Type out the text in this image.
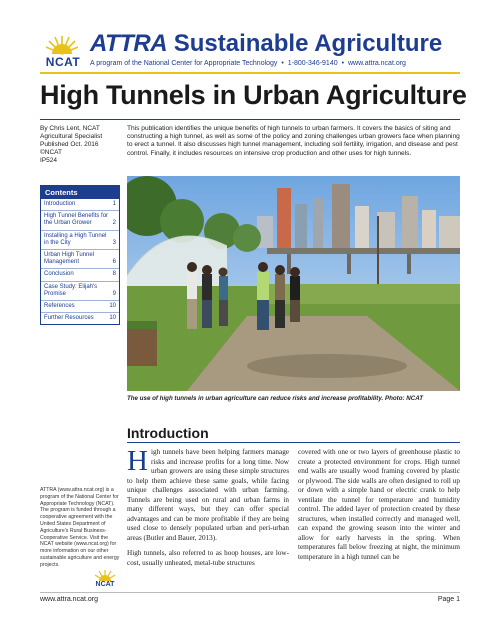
NCAT
ATTRA Sustainable Agriculture
A program of the National Center for Appropriate Technology • 1-800-346-9140 • www.attra.ncat.org
High Tunnels in Urban Agriculture
By Chris Lent, NCAT
Agricultural Specialist
Published Oct. 2016
©NCAT
IP524

This publication identifies the unique benefits of high tunnels to urban farmers. It covers the basics of siting and constructing a high tunnel, as well as some of the policy and zoning challenges urban growers face when planning to erect a tunnel. It also discusses high tunnel management, including soil fertility, irrigation, and disease and pest control. Finally, it includes resources on intensive crop production and other uses for high tunnels.

Contents
Introduction	1
High Tunnel Benefits for the Urban Grower	2
Installing a High Tunnel in the City	3
Urban High Tunnel Management	6
Conclusion	8
Case Study: Elijah's Promise	9
References	10
Further Resources	10

The use of high tunnels in urban agriculture can reduce risks and increase profitability. Photo: NCAT

Introduction

High tunnels have been helping farmers manage risks and increase profits for a long time. Now urban growers are using these simple structures to help them achieve these same goals, while facing unique challenges associated with urban farming. Tunnels are being used on rural and urban farms in many different ways, but they can offer special advantages and can be more profitable if they are being used close to densely populated urban and peri-urban areas (Butler and Bauer, 2013).

High tunnels, also referred to as hoop houses, are low-cost, usually unheated, metal-tube structures

covered with one or two layers of greenhouse plastic to create a protected environment for crops. High tunnel end walls are usually wood framing covered by plastic or plywood. The side walls are often designed to roll up or down with a simple hand or electric crank to help ventilate the tunnel for temperature and humidity control. The added layer of protection created by these structures, when installed correctly and managed well, can expand the growing season into the winter and allow for early harvests in the spring. When temperatures fall below freezing at night, the minimum temperature in a high tunnel can be

ATTRA (www.attra.ncat.org) is a program of the National Center for Appropriate Technology (NCAT). The program is funded through a cooperative agreement with the United States Department of Agriculture's Rural Business-Cooperative Service. Visit the NCAT website (www.ncat.org) for more information on our other sustainable agriculture and energy projects.

NCAT
www.attra.ncat.org	Page 1
